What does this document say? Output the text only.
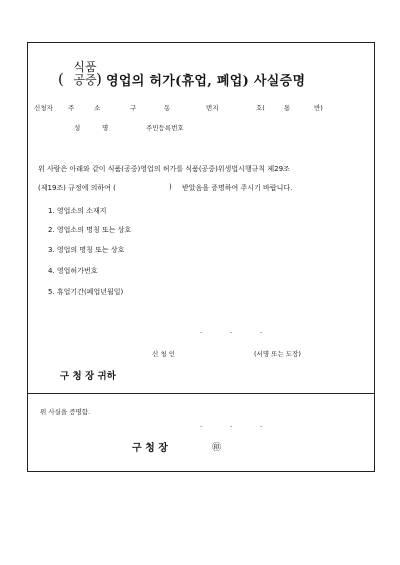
(
식품
공중 ) 영업의 허가(휴업, 폐업) 사실증명
신청자 주	소	구	동	번지	호(	통	반)
성	명	주민등록번호
위 사람은 아래와 같이 식품(공중)영업의 허가를 식품(공중)위생법시행규칙 제29조
(제19조) 규정에 의하여 (	) 받았음을 증명하여 주시기 바랍니다.
1. 영업소의 소재지
2. 영업소의 명칭 또는 상호
3. 영업의 명칭 또는 상호
4. 영업허가번호
5. 휴업기간(폐업년월일)
·	·	·
신 청 인	(서명 또는 도장)
구 청 장 귀하
위 사실을 증명함.
·	·	·
구 청 장	㊞
